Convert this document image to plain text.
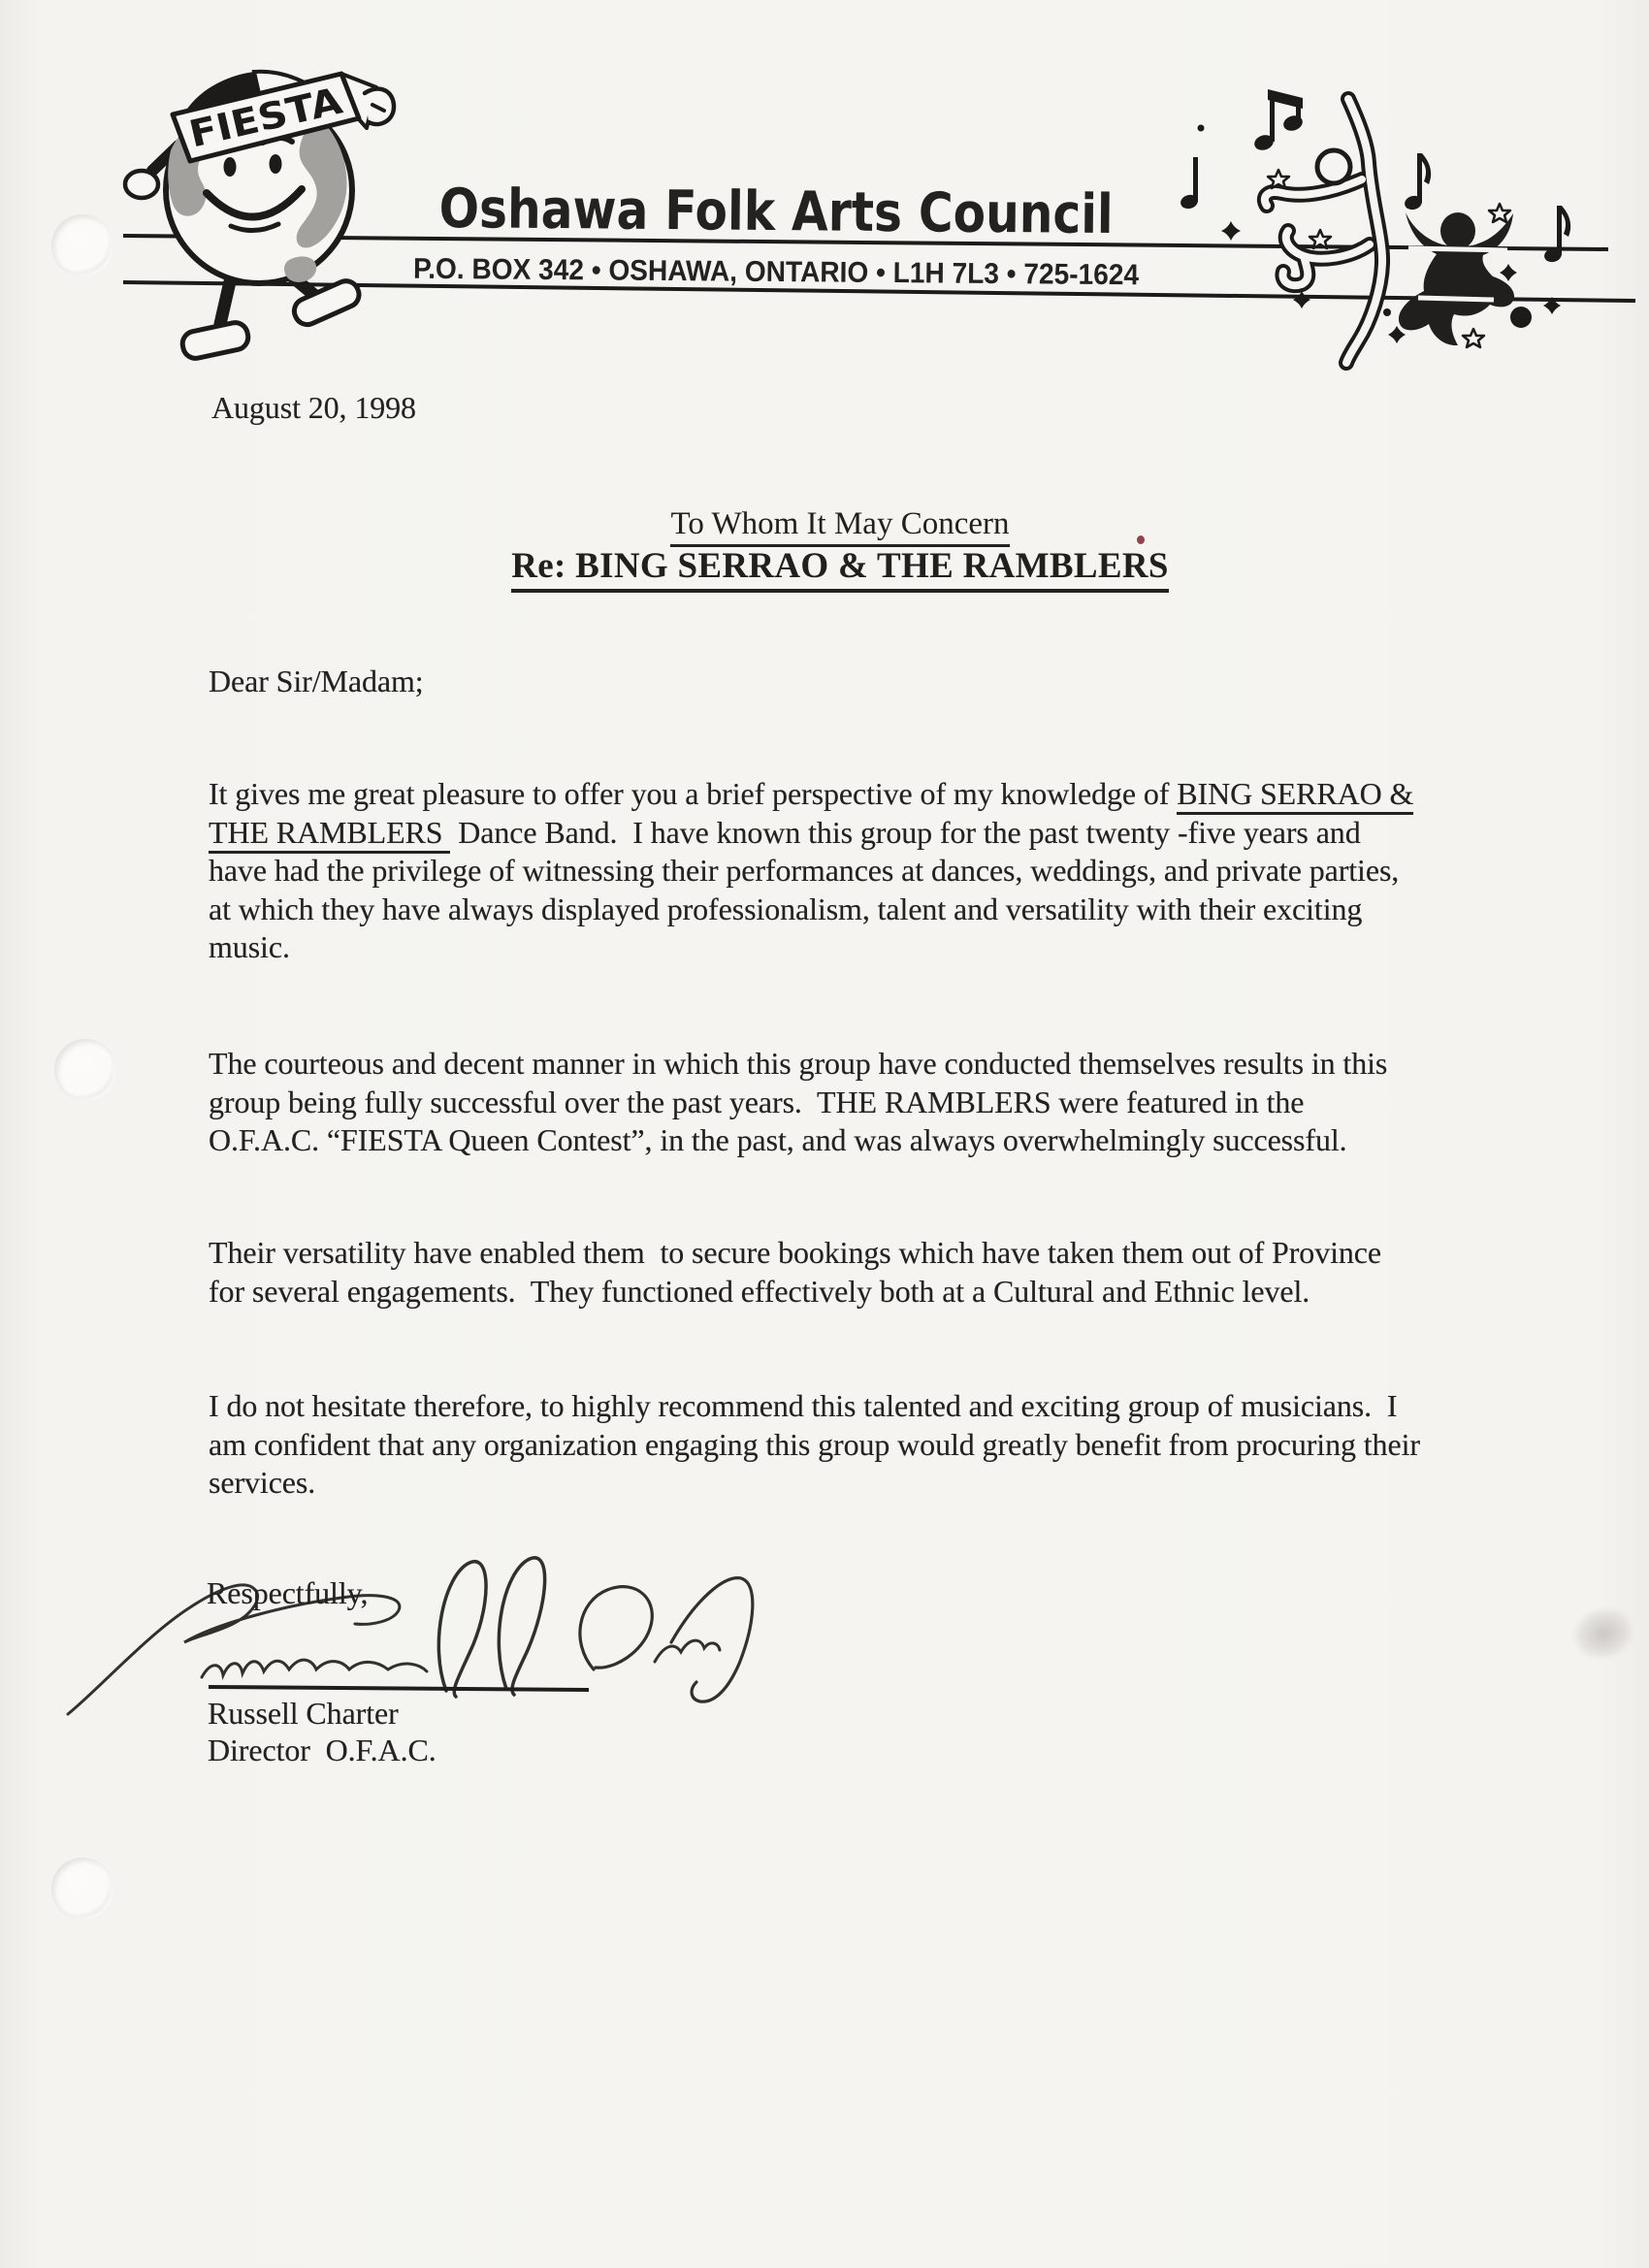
Oshawa Folk Arts Council
P.O. BOX 342 • OSHAWA, ONTARIO • L1H 7L3 • 725-1624
FIESTA
August 20, 1998
To Whom It May Concern
Re: BING SERRAO & THE RAMBLERS
Dear Sir/Madam;
It gives me great pleasure to offer you a brief perspective of my knowledge of BING SERRAO &
THE RAMBLERS  Dance Band.  I have known this group for the past twenty -five years and
have had the privilege of witnessing their performances at dances, weddings, and private parties,
at which they have always displayed professionalism, talent and versatility with their exciting
music.
The courteous and decent manner in which this group have conducted themselves results in this
group being fully successful over the past years.  THE RAMBLERS were featured in the
O.F.A.C. “FIESTA Queen Contest”, in the past, and was always overwhelmingly successful.
Their versatility have enabled them  to secure bookings which have taken them out of Province
for several engagements.  They functioned effectively both at a Cultural and Ethnic level.
I do not hesitate therefore, to highly recommend this talented and exciting group of musicians.  I
am confident that any organization engaging this group would greatly benefit from procuring their
services.
Respectfully,
Russell Charter
Director  O.F.A.C.
